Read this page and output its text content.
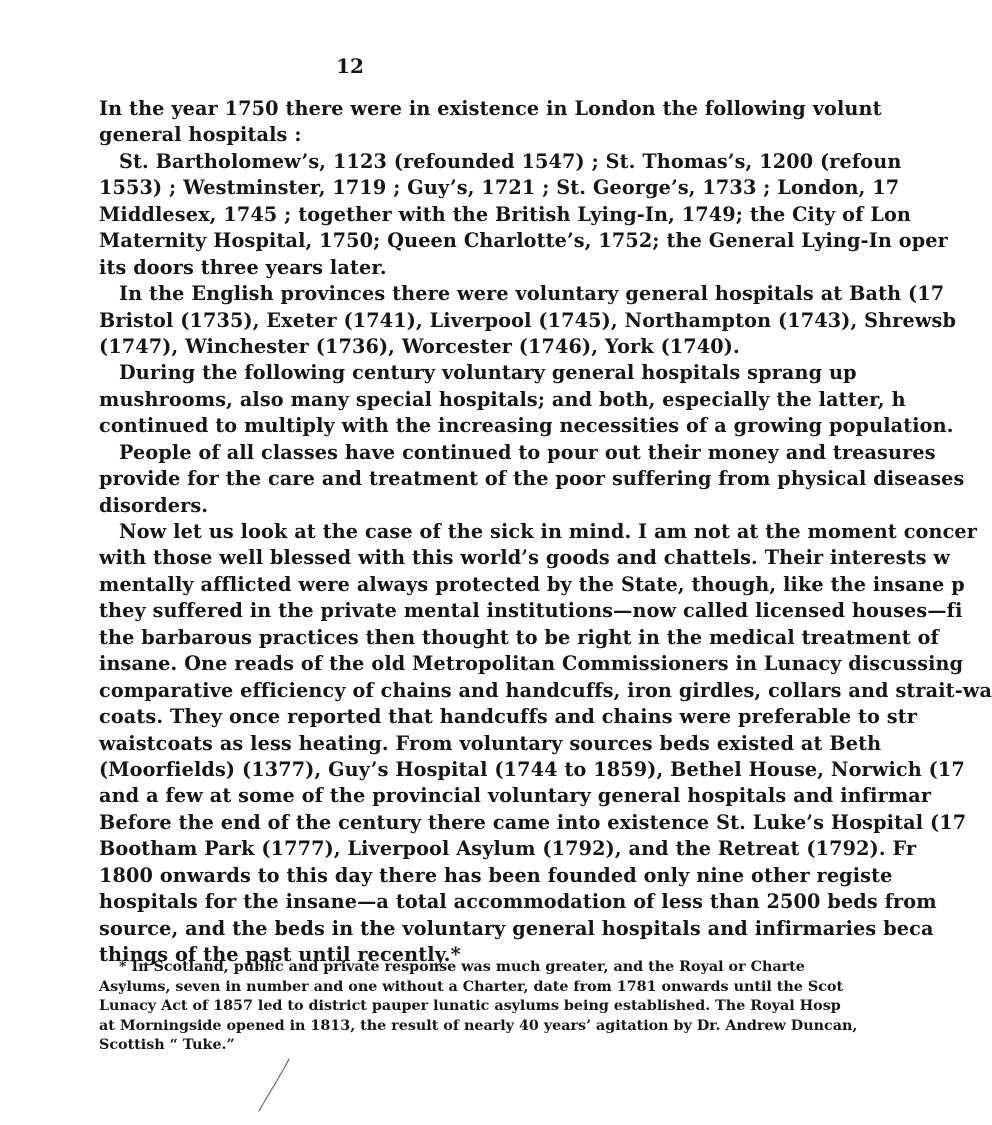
12
In the year 1750 there were in existence in London the following volunt
general hospitals :
St. Bartholomew’s, 1123 (refounded 1547) ; St. Thomas’s, 1200 (refoun
1553) ; Westminster, 1719 ; Guy’s, 1721 ; St. George’s, 1733 ; London, 17
Middlesex, 1745 ; together with the British Lying-In, 1749; the City of Lon
Maternity Hospital, 1750; Queen Charlotte’s, 1752; the General Lying-In oper
its doors three years later.
In the English provinces there were voluntary general hospitals at Bath (17
Bristol (1735), Exeter (1741), Liverpool (1745), Northampton (1743), Shrewsb
(1747), Winchester (1736), Worcester (1746), York (1740).
During the following century voluntary general hospitals sprang up
mushrooms, also many special hospitals; and both, especially the latter, h
continued to multiply with the increasing necessities of a growing population.
People of all classes have continued to pour out their money and treasures
provide for the care and treatment of the poor suffering from physical diseases
disorders.
Now let us look at the case of the sick in mind. I am not at the moment concer
with those well blessed with this world’s goods and chattels. Their interests w
mentally afflicted were always protected by the State, though, like the insane p
they suffered in the private mental institutions—now called licensed houses—fi
the barbarous practices then thought to be right in the medical treatment of
insane. One reads of the old Metropolitan Commissioners in Lunacy discussing
comparative efficiency of chains and handcuffs, iron girdles, collars and strait-wa
coats. They once reported that handcuffs and chains were preferable to str
waistcoats as less heating. From voluntary sources beds existed at Beth
(Moorfields) (1377), Guy’s Hospital (1744 to 1859), Bethel House, Norwich (17
and a few at some of the provincial voluntary general hospitals and infirmar
Before the end of the century there came into existence St. Luke’s Hospital (17
Bootham Park (1777), Liverpool Asylum (1792), and the Retreat (1792). Fr
1800 onwards to this day there has been founded only nine other registe
hospitals for the insane—a total accommodation of less than 2500 beds from
source, and the beds in the voluntary general hospitals and infirmaries beca
things of the past until recently.*
* In Scotland, public and private response was much greater, and the Royal or Charte
Asylums, seven in number and one without a Charter, date from 1781 onwards until the Scot
Lunacy Act of 1857 led to district pauper lunatic asylums being established. The Royal Hosp
at Morningside opened in 1813, the result of nearly 40 years’ agitation by Dr. Andrew Duncan,
Scottish “ Tuke.”
